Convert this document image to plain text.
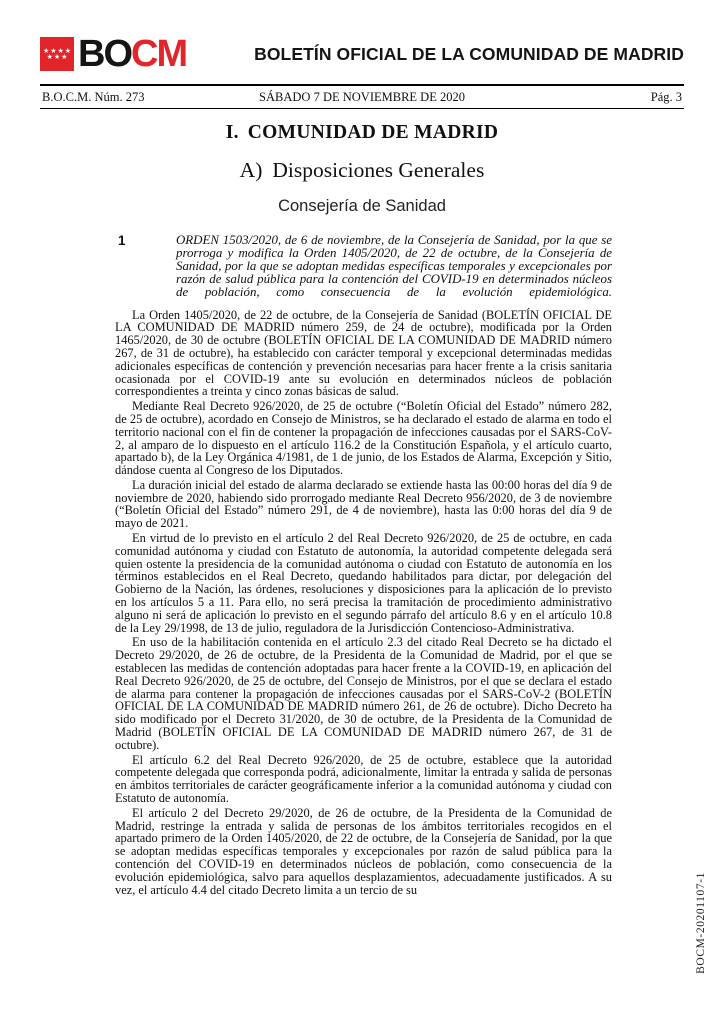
★★★★
★★★ BOCM	BOLETÍN OFICIAL DE LA COMUNIDAD DE MADRID
B.O.C.M. Núm. 273	SÁBADO 7 DE NOVIEMBRE DE 2020	Pág. 3
I. COMUNIDAD DE MADRID
A) Disposiciones Generales
Consejería de Sanidad
1	ORDEN 1503/2020, de 6 de noviembre, de la Consejería de Sanidad, por la que se prorroga y modifica la Orden 1405/2020, de 22 de octubre, de la Consejería de Sanidad, por la que se adoptan medidas específicas temporales y excepcionales por razón de salud pública para la contención del COVID-19 en determinados núcleos de población, como consecuencia de la evolución epidemiológica.

La Orden 1405/2020, de 22 de octubre, de la Consejería de Sanidad (BOLETÍN OFICIAL DE LA COMUNIDAD DE MADRID número 259, de 24 de octubre), modificada por la Orden 1465/2020, de 30 de octubre (BOLETÍN OFICIAL DE LA COMUNIDAD DE MADRID número 267, de 31 de octubre), ha establecido con carácter temporal y excepcional determinadas medidas adicionales específicas de contención y prevención necesarias para hacer frente a la crisis sanitaria ocasionada por el COVID-19 ante su evolución en determinados núcleos de población correspondientes a treinta y cinco zonas básicas de salud.

Mediante Real Decreto 926/2020, de 25 de octubre (“Boletín Oficial del Estado” número 282, de 25 de octubre), acordado en Consejo de Ministros, se ha declarado el estado de alarma en todo el territorio nacional con el fin de contener la propagación de infecciones causadas por el SARS-CoV-2, al amparo de lo dispuesto en el artículo 116.2 de la Constitución Española, y el artículo cuarto, apartado b), de la Ley Orgánica 4/1981, de 1 de junio, de los Estados de Alarma, Excepción y Sitio, dándose cuenta al Congreso de los Diputados.

La duración inicial del estado de alarma declarado se extiende hasta las 00:00 horas del día 9 de noviembre de 2020, habiendo sido prorrogado mediante Real Decreto 956/2020, de 3 de noviembre (“Boletín Oficial del Estado” número 291, de 4 de noviembre), hasta las 0:00 horas del día 9 de mayo de 2021.

En virtud de lo previsto en el artículo 2 del Real Decreto 926/2020, de 25 de octubre, en cada comunidad autónoma y ciudad con Estatuto de autonomía, la autoridad competente delegada será quien ostente la presidencia de la comunidad autónoma o ciudad con Estatuto de autonomía en los términos establecidos en el Real Decreto, quedando habilitados para dictar, por delegación del Gobierno de la Nación, las órdenes, resoluciones y disposiciones para la aplicación de lo previsto en los artículos 5 a 11. Para ello, no será precisa la tramitación de procedimiento administrativo alguno ni será de aplicación lo previsto en el segundo párrafo del artículo 8.6 y en el artículo 10.8 de la Ley 29/1998, de 13 de julio, reguladora de la Jurisdicción Contencioso-Administrativa.

En uso de la habilitación contenida en el artículo 2.3 del citado Real Decreto se ha dictado el Decreto 29/2020, de 26 de octubre, de la Presidenta de la Comunidad de Madrid, por el que se establecen las medidas de contención adoptadas para hacer frente a la COVID-19, en aplicación del Real Decreto 926/2020, de 25 de octubre, del Consejo de Ministros, por el que se declara el estado de alarma para contener la propagación de infecciones causadas por el SARS-CoV-2 (BOLETÍN OFICIAL DE LA COMUNIDAD DE MADRID número 261, de 26 de octubre). Dicho Decreto ha sido modificado por el Decreto 31/2020, de 30 de octubre, de la Presidenta de la Comunidad de Madrid (BOLETÍN OFICIAL DE LA COMUNIDAD DE MADRID número 267, de 31 de octubre).

El artículo 6.2 del Real Decreto 926/2020, de 25 de octubre, establece que la autoridad competente delegada que corresponda podrá, adicionalmente, limitar la entrada y salida de personas en ámbitos territoriales de carácter geográficamente inferior a la comunidad autónoma y ciudad con Estatuto de autonomía.

El artículo 2 del Decreto 29/2020, de 26 de octubre, de la Presidenta de la Comunidad de Madrid, restringe la entrada y salida de personas de los ámbitos territoriales recogidos en el apartado primero de la Orden 1405/2020, de 22 de octubre, de la Consejería de Sanidad, por la que se adoptan medidas específicas temporales y excepcionales por razón de salud pública para la contención del COVID-19 en determinados núcleos de población, como consecuencia de la evolución epidemiológica, salvo para aquellos desplazamientos, adecuadamente justificados. A su vez, el artículo 4.4 del citado Decreto limita a un tercio de su	BOCM-20201107-1
